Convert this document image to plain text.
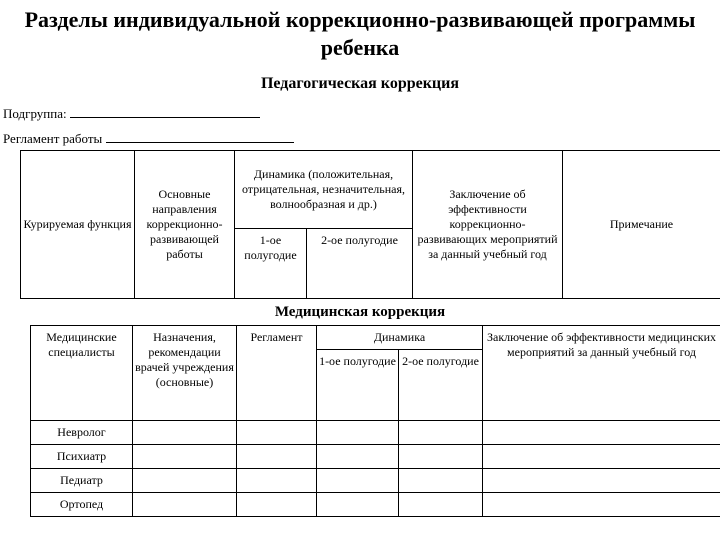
Разделы индивидуальной коррекционно-развивающей программы ребенка
Педагогическая коррекция
Подгруппа:
Регламент работы
Курируемая функция	Основные направления коррекционно-развивающей работы	Динамика (положительная, отрицательная, незначительная, волнообразная и др.)		Заключение об эффективности коррекционно-развивающих мероприятий за данный учебный год	Примечание
		1-ое полугодие	2-ое полугодие		
Медицинская коррекция
Медицинские специалисты	Назначения, рекомендации врачей учреждения (основные)	Регламент	Динамика		Заключение об эффективности медицинских мероприятий за данный учебный год
			1-ое полугодие	2-ое полугодие	
Невролог					
Психиатр					
Педиатр					
Ортопед					
